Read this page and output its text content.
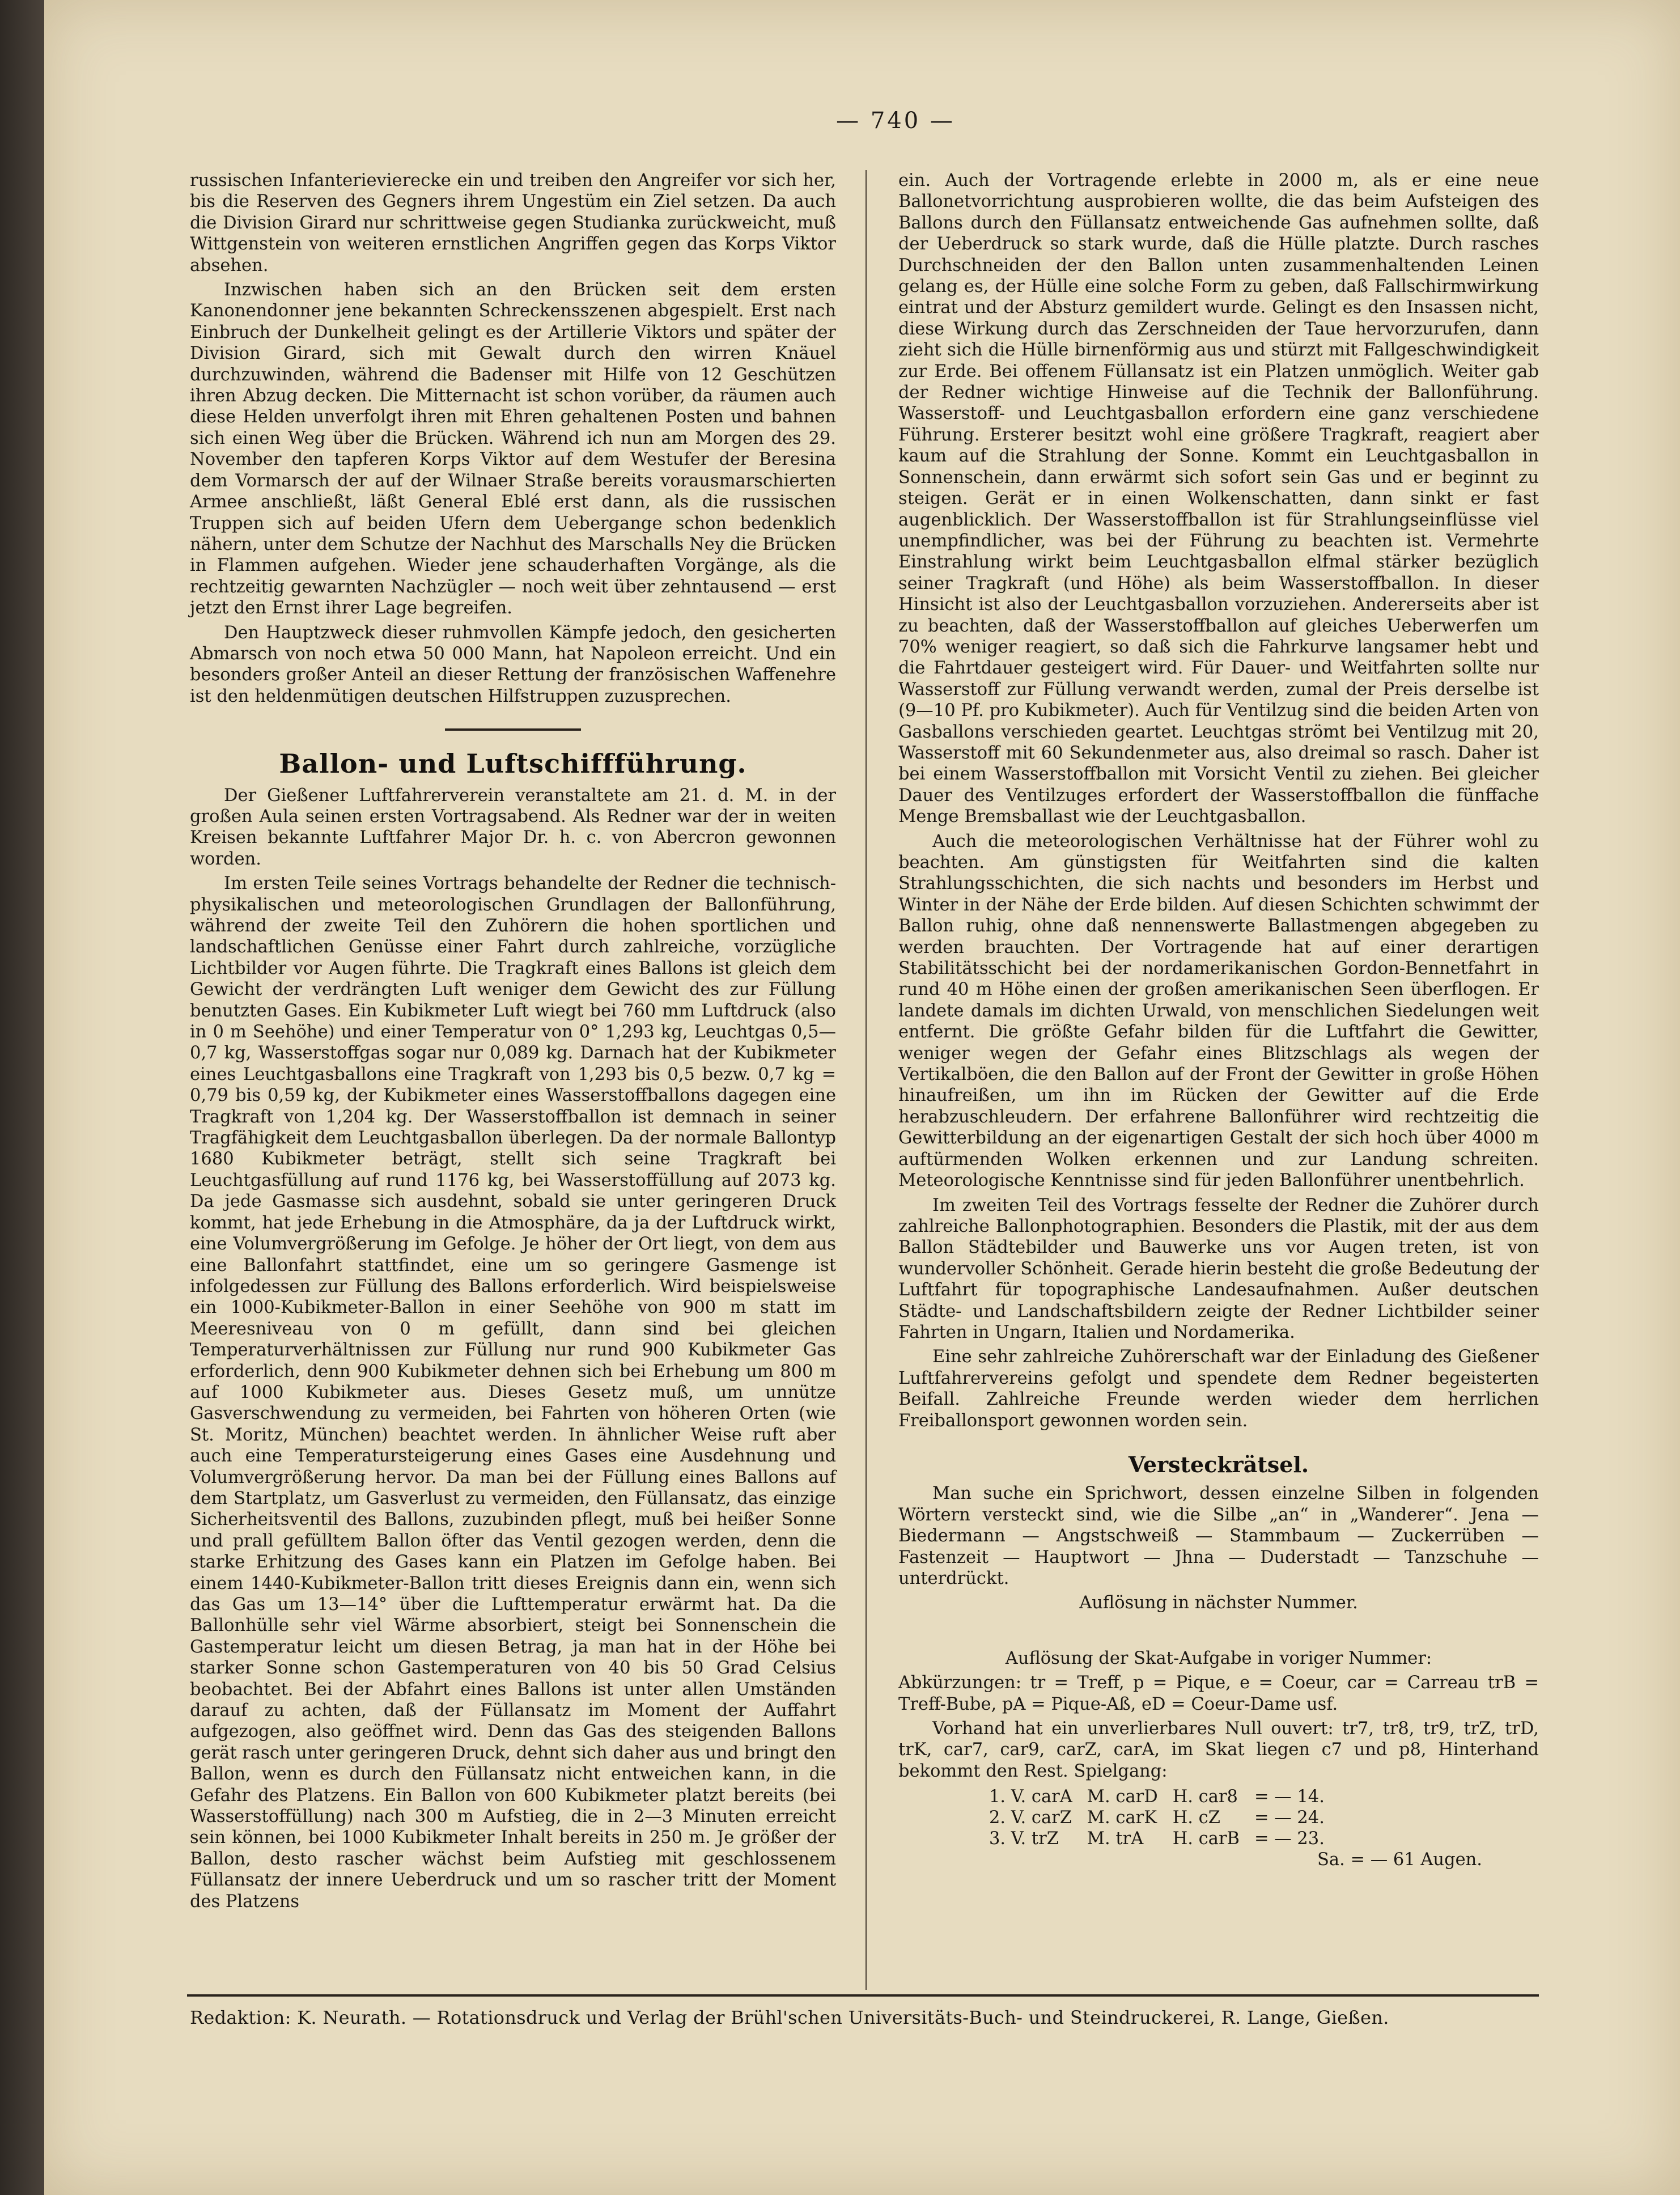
— 740 —

russischen Infanterievierecke ein und treiben den Angreifer vor sich her, bis die Reserven des Gegners ihrem Ungestüm ein Ziel setzen. Da auch die Division Girard nur schrittweise gegen Studianka zurückweicht, muß Wittgenstein von weiteren ernstlichen Angriffen gegen das Korps Viktor absehen.

Inzwischen haben sich an den Brücken seit dem ersten Kanonendonner jene bekannten Schreckensszenen abgespielt. Erst nach Einbruch der Dunkelheit gelingt es der Artillerie Viktors und später der Division Girard, sich mit Gewalt durch den wirren Knäuel durchzuwinden, während die Badenser mit Hilfe von 12 Geschützen ihren Abzug decken. Die Mitternacht ist schon vorüber, da räumen auch diese Helden unverfolgt ihren mit Ehren gehaltenen Posten und bahnen sich einen Weg über die Brücken. Während ich nun am Morgen des 29. November den tapferen Korps Viktor auf dem Westufer der Beresina dem Vormarsch der auf der Wilnaer Straße bereits vorausmarschierten Armee anschließt, läßt General Eblé erst dann, als die russischen Truppen sich auf beiden Ufern dem Uebergange schon bedenklich nähern, unter dem Schutze der Nachhut des Marschalls Ney die Brücken in Flammen aufgehen. Wieder jene schauderhaften Vorgänge, als die rechtzeitig gewarnten Nachzügler — noch weit über zehntausend — erst jetzt den Ernst ihrer Lage begreifen.

Den Hauptzweck dieser ruhmvollen Kämpfe jedoch, den gesicherten Abmarsch von noch etwa 50 000 Mann, hat Napoleon erreicht. Und ein besonders großer Anteil an dieser Rettung der französischen Waffenehre ist den heldenmütigen deutschen Hilfstruppen zuzusprechen.

Ballon- und Luftschiffführung.

Der Gießener Luftfahrerverein veranstaltete am 21. d. M. in der großen Aula seinen ersten Vortragsabend. Als Redner war der in weiten Kreisen bekannte Luftfahrer Major Dr. h. c. von Abercron gewonnen worden.

Im ersten Teile seines Vortrags behandelte der Redner die technisch-physikalischen und meteorologischen Grundlagen der Ballonführung, während der zweite Teil den Zuhörern die hohen sportlichen und landschaftlichen Genüsse einer Fahrt durch zahlreiche, vorzügliche Lichtbilder vor Augen führte. Die Tragkraft eines Ballons ist gleich dem Gewicht der verdrängten Luft weniger dem Gewicht des zur Füllung benutzten Gases. Ein Kubikmeter Luft wiegt bei 760 mm Luftdruck (also in 0 m Seehöhe) und einer Temperatur von 0° 1,293 kg, Leuchtgas 0,5—0,7 kg, Wasserstoffgas sogar nur 0,089 kg. Darnach hat der Kubikmeter eines Leuchtgasballons eine Tragkraft von 1,293 bis 0,5 bezw. 0,7 kg = 0,79 bis 0,59 kg, der Kubikmeter eines Wasserstoffballons dagegen eine Tragkraft von 1,204 kg. Der Wasserstoffballon ist demnach in seiner Tragfähigkeit dem Leuchtgasballon überlegen. Da der normale Ballontyp 1680 Kubikmeter beträgt, stellt sich seine Tragkraft bei Leuchtgasfüllung auf rund 1176 kg, bei Wasserstoffüllung auf 2073 kg. Da jede Gasmasse sich ausdehnt, sobald sie unter geringeren Druck kommt, hat jede Erhebung in die Atmosphäre, da ja der Luftdruck wirkt, eine Volumvergrößerung im Gefolge. Je höher der Ort liegt, von dem aus eine Ballonfahrt stattfindet, eine um so geringere Gasmenge ist infolgedessen zur Füllung des Ballons erforderlich. Wird beispielsweise ein 1000-Kubikmeter-Ballon in einer Seehöhe von 900 m statt im Meeresniveau von 0 m gefüllt, dann sind bei gleichen Temperaturverhältnissen zur Füllung nur rund 900 Kubikmeter Gas erforderlich, denn 900 Kubikmeter dehnen sich bei Erhebung um 800 m auf 1000 Kubikmeter aus. Dieses Gesetz muß, um unnütze Gasverschwendung zu vermeiden, bei Fahrten von höheren Orten (wie St. Moritz, München) beachtet werden. In ähnlicher Weise ruft aber auch eine Temperatursteigerung eines Gases eine Ausdehnung und Volumvergrößerung hervor. Da man bei der Füllung eines Ballons auf dem Startplatz, um Gasverlust zu vermeiden, den Füllansatz, das einzige Sicherheitsventil des Ballons, zuzubinden pflegt, muß bei heißer Sonne und prall gefülltem Ballon öfter das Ventil gezogen werden, denn die starke Erhitzung des Gases kann ein Platzen im Gefolge haben. Bei einem 1440-Kubikmeter-Ballon tritt dieses Ereignis dann ein, wenn sich das Gas um 13—14° über die Lufttemperatur erwärmt hat. Da die Ballonhülle sehr viel Wärme absorbiert, steigt bei Sonnenschein die Gastemperatur leicht um diesen Betrag, ja man hat in der Höhe bei starker Sonne schon Gastemperaturen von 40 bis 50 Grad Celsius beobachtet. Bei der Abfahrt eines Ballons ist unter allen Umständen darauf zu achten, daß der Füllansatz im Moment der Auffahrt aufgezogen, also geöffnet wird. Denn das Gas des steigenden Ballons gerät rasch unter geringeren Druck, dehnt sich daher aus und bringt den Ballon, wenn es durch den Füllansatz nicht entweichen kann, in die Gefahr des Platzens. Ein Ballon von 600 Kubikmeter platzt bereits (bei Wasserstoffüllung) nach 300 m Aufstieg, die in 2—3 Minuten erreicht sein können, bei 1000 Kubikmeter Inhalt bereits in 250 m. Je größer der Ballon, desto rascher wächst beim Aufstieg mit geschlossenem Füllansatz der innere Ueberdruck und um so rascher tritt der Moment des Platzens

ein. Auch der Vortragende erlebte in 2000 m, als er eine neue Ballonetvorrichtung ausprobieren wollte, die das beim Aufsteigen des Ballons durch den Füllansatz entweichende Gas aufnehmen sollte, daß der Ueberdruck so stark wurde, daß die Hülle platzte. Durch rasches Durchschneiden der den Ballon unten zusammenhaltenden Leinen gelang es, der Hülle eine solche Form zu geben, daß Fallschirmwirkung eintrat und der Absturz gemildert wurde. Gelingt es den Insassen nicht, diese Wirkung durch das Zerschneiden der Taue hervorzurufen, dann zieht sich die Hülle birnenförmig aus und stürzt mit Fallgeschwindigkeit zur Erde. Bei offenem Füllansatz ist ein Platzen unmöglich. Weiter gab der Redner wichtige Hinweise auf die Technik der Ballonführung. Wasserstoff- und Leuchtgasballon erfordern eine ganz verschiedene Führung. Ersterer besitzt wohl eine größere Tragkraft, reagiert aber kaum auf die Strahlung der Sonne. Kommt ein Leuchtgasballon in Sonnenschein, dann erwärmt sich sofort sein Gas und er beginnt zu steigen. Gerät er in einen Wolkenschatten, dann sinkt er fast augenblicklich. Der Wasserstoffballon ist für Strahlungseinflüsse viel unempfindlicher, was bei der Führung zu beachten ist. Vermehrte Einstrahlung wirkt beim Leuchtgasballon elfmal stärker bezüglich seiner Tragkraft (und Höhe) als beim Wasserstoffballon. In dieser Hinsicht ist also der Leuchtgasballon vorzuziehen. Andererseits aber ist zu beachten, daß der Wasserstoffballon auf gleiches Ueberwerfen um 70% weniger reagiert, so daß sich die Fahrkurve langsamer hebt und die Fahrtdauer gesteigert wird. Für Dauer- und Weitfahrten sollte nur Wasserstoff zur Füllung verwandt werden, zumal der Preis derselbe ist (9—10 Pf. pro Kubikmeter). Auch für Ventilzug sind die beiden Arten von Gasballons verschieden geartet. Leuchtgas strömt bei Ventilzug mit 20, Wasserstoff mit 60 Sekundenmeter aus, also dreimal so rasch. Daher ist bei einem Wasserstoffballon mit Vorsicht Ventil zu ziehen. Bei gleicher Dauer des Ventilzuges erfordert der Wasserstoffballon die fünffache Menge Bremsballast wie der Leuchtgasballon.

Auch die meteorologischen Verhältnisse hat der Führer wohl zu beachten. Am günstigsten für Weitfahrten sind die kalten Strahlungsschichten, die sich nachts und besonders im Herbst und Winter in der Nähe der Erde bilden. Auf diesen Schichten schwimmt der Ballon ruhig, ohne daß nennenswerte Ballastmengen abgegeben zu werden brauchten. Der Vortragende hat auf einer derartigen Stabilitätsschicht bei der nordamerikanischen Gordon-Bennetfahrt in rund 40 m Höhe einen der großen amerikanischen Seen überflogen. Er landete damals im dichten Urwald, von menschlichen Siedelungen weit entfernt. Die größte Gefahr bilden für die Luftfahrt die Gewitter, weniger wegen der Gefahr eines Blitzschlags als wegen der Vertikalböen, die den Ballon auf der Front der Gewitter in große Höhen hinaufreißen, um ihn im Rücken der Gewitter auf die Erde herabzuschleudern. Der erfahrene Ballonführer wird rechtzeitig die Gewitterbildung an der eigenartigen Gestalt der sich hoch über 4000 m auftürmenden Wolken erkennen und zur Landung schreiten. Meteorologische Kenntnisse sind für jeden Ballonführer unentbehrlich.

Im zweiten Teil des Vortrags fesselte der Redner die Zuhörer durch zahlreiche Ballonphotographien. Besonders die Plastik, mit der aus dem Ballon Städtebilder und Bauwerke uns vor Augen treten, ist von wundervoller Schönheit. Gerade hierin besteht die große Bedeutung der Luftfahrt für topographische Landesaufnahmen. Außer deutschen Städte- und Landschaftsbildern zeigte der Redner Lichtbilder seiner Fahrten in Ungarn, Italien und Nordamerika.

Eine sehr zahlreiche Zuhörerschaft war der Einladung des Gießener Luftfahrervereins gefolgt und spendete dem Redner begeisterten Beifall. Zahlreiche Freunde werden wieder dem herrlichen Freiballonsport gewonnen worden sein.

Versteckrätsel.

Man suche ein Sprichwort, dessen einzelne Silben in folgenden Wörtern versteckt sind, wie die Silbe „an“ in „Wanderer“. Jena — Biedermann — Angstschweiß — Stammbaum — Zuckerrüben — Fastenzeit — Hauptwort — Jhna — Duderstadt — Tanzschuhe — unterdrückt.

Auflösung in nächster Nummer.

Auflösung der Skat-Aufgabe in voriger Nummer:

Abkürzungen: tr = Treff, p = Pique, e = Coeur, car = Carreau trB = Treff-Bube, pA = Pique-Aß, eD = Coeur-Dame usf.

Vorhand hat ein unverlierbares Null ouvert: tr7, tr8, tr9, trZ, trD, trK, car7, car9, carZ, carA, im Skat liegen c7 und p8, Hinterhand bekommt den Rest. Spielgang:

1. V. carA	M. carD	H. car8	= — 14.
2. V. carZ	M. carK	H. cZ	= — 24.
3. V. trZ	M. trA	H. carB	= — 23.

Sa. = — 61 Augen.

Redaktion: K. Neurath. — Rotationsdruck und Verlag der Brühl'schen Universitäts-Buch- und Steindruckerei, R. Lange, Gießen.
